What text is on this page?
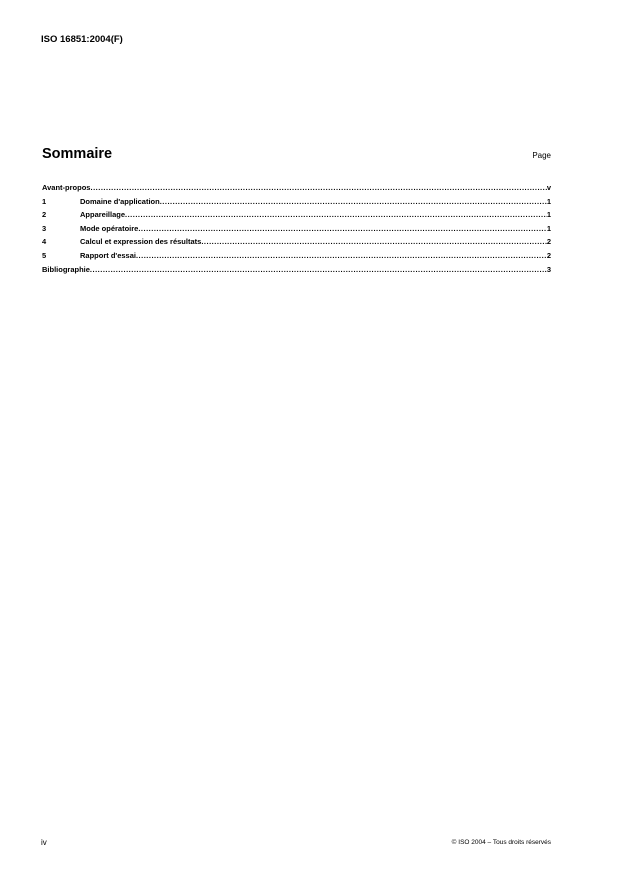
ISO 16851:2004(F)
Sommaire	Page
Avant-propos .....	v
1	Domaine d'application .....	1
2	Appareillage .....	1
3	Mode opératoire .....	1
4	Calcul et expression des résultats .....	2
5	Rapport d'essai .....	2
Bibliographie .....	3
iv	© ISO 2004 – Tous droits réservés
